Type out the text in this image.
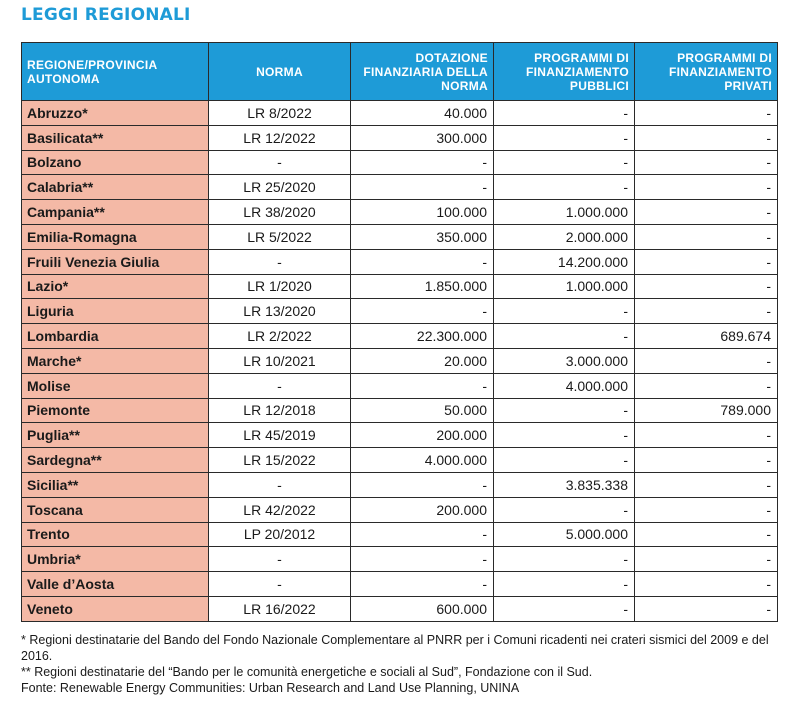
LEGGI REGIONALI
REGIONE/PROVINCIA AUTONOMA	NORMA	DOTAZIONE FINANZIARIA DELLA NORMA	PROGRAMMI DI FINANZIAMENTO PUBBLICI	PROGRAMMI DI FINANZIAMENTO PRIVATI
Abruzzo*	LR 8/2022	40.000	-	-
Basilicata**	LR 12/2022	300.000	-	-
Bolzano	-	-	-	-
Calabria**	LR 25/2020	-	-	-
Campania**	LR 38/2020	100.000	1.000.000	-
Emilia-Romagna	LR 5/2022	350.000	2.000.000	-
Fruili Venezia Giulia	-	-	14.200.000	-
Lazio*	LR 1/2020	1.850.000	1.000.000	-
Liguria	LR 13/2020	-	-	-
Lombardia	LR 2/2022	22.300.000	-	689.674
Marche*	LR 10/2021	20.000	3.000.000	-
Molise	-	-	4.000.000	-
Piemonte	LR 12/2018	50.000	-	789.000
Puglia**	LR 45/2019	200.000	-	-
Sardegna**	LR 15/2022	4.000.000	-	-
Sicilia**	-	-	3.835.338	-
Toscana	LR 42/2022	200.000	-	-
Trento	LP 20/2012	-	5.000.000	-
Umbria*	-	-	-	-
Valle d’Aosta	-	-	-	-
Veneto	LR 16/2022	600.000	-	-
* Regioni destinatarie del Bando del Fondo Nazionale Complementare al PNRR per i Comuni ricadenti nei crateri sismici del 2009 e del 2016.
** Regioni destinatarie del “Bando per le comunità energetiche e sociali al Sud”, Fondazione con il Sud.
Fonte: Renewable Energy Communities: Urban Research and Land Use Planning, UNINA
